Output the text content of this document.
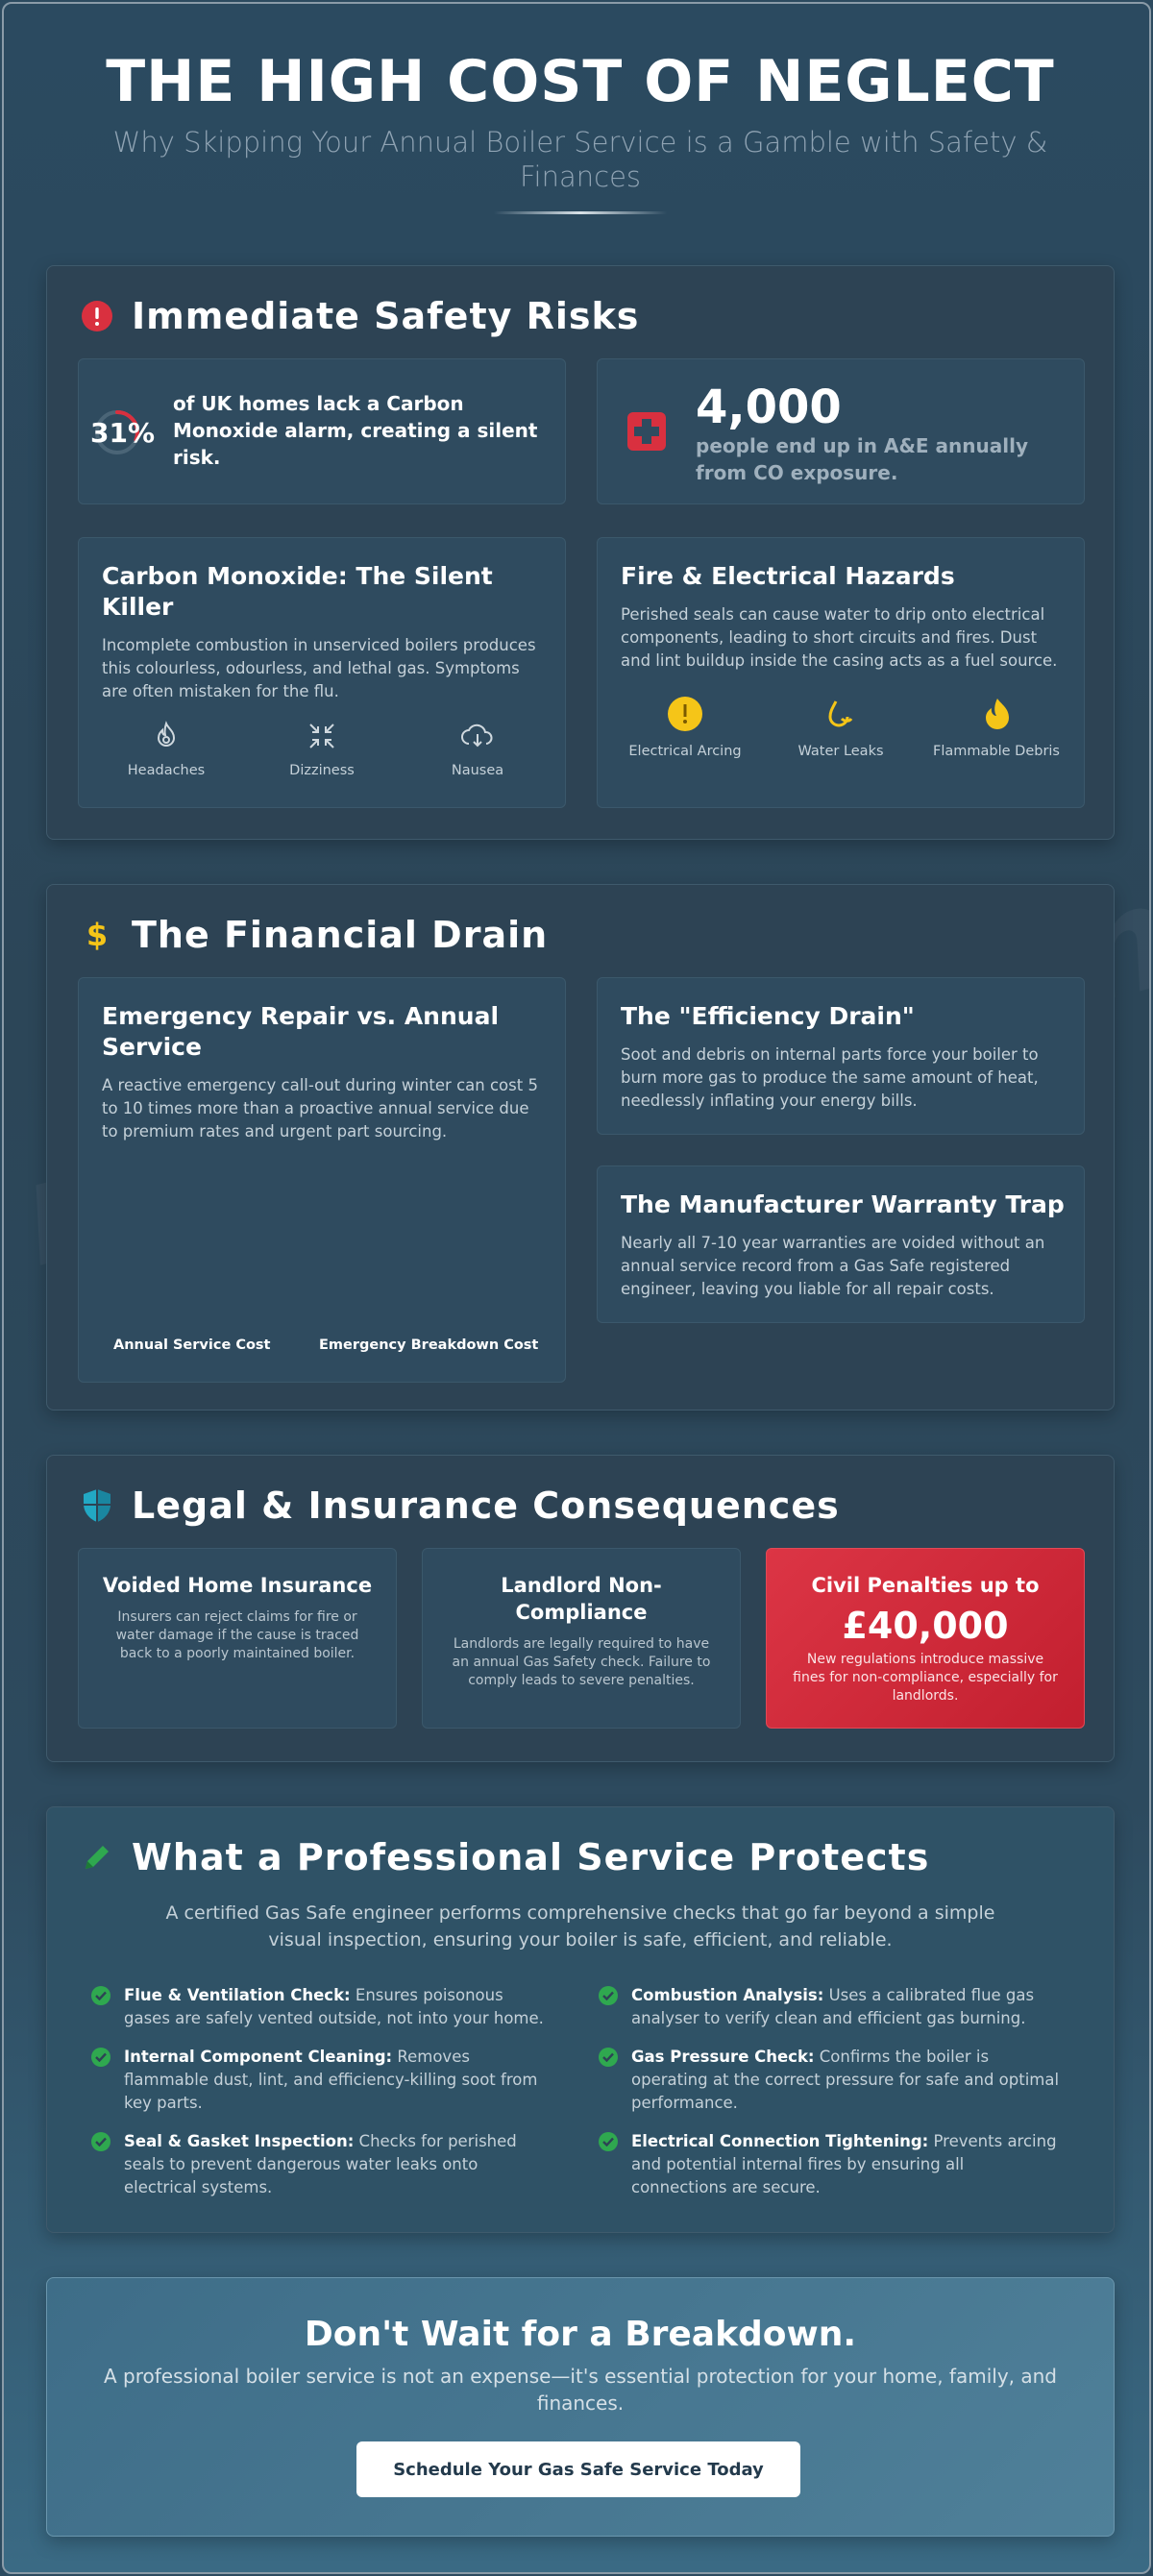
THE HIGH COST OF NEGLECT
Why Skipping Your Annual Boiler Service is a Gamble with Safety & Finances
Immediate Safety Risks
31%
of UK homes lack a Carbon Monoxide alarm, creating a silent risk.
4,000
people end up in A&E annually from CO exposure.
Carbon Monoxide: The Silent Killer

Incomplete combustion in unserviced boilers produces this colourless, odourless, and lethal gas. Symptoms are often mistaken for the flu.

Headaches	Dizziness	Nausea
Fire & Electrical Hazards

Perished seals can cause water to drip onto electrical components, leading to short circuits and fires. Dust and lint buildup inside the casing acts as a fuel source.

Electrical Arcing	Water Leaks	Flammable Debris
$ The Financial Drain
Emergency Repair vs. Annual Service

A reactive emergency call-out during winter can cost 5 to 10 times more than a proactive annual service due to premium rates and urgent part sourcing.

Annual Service Cost	Emergency Breakdown Cost
The "Efficiency Drain"

Soot and debris on internal parts force your boiler to burn more gas to produce the same amount of heat, needlessly inflating your energy bills.

The Manufacturer Warranty Trap

Nearly all 7-10 year warranties are voided without an annual service record from a Gas Safe registered engineer, leaving you liable for all repair costs.

Legal & Insurance Consequences
Voided Home Insurance

Insurers can reject claims for fire or water damage if the cause is traced back to a poorly maintained boiler.

Landlord Non-Compliance

Landlords are legally required to have an annual Gas Safety check. Failure to comply leads to severe penalties.

Civil Penalties up to
£40,000

New regulations introduce massive fines for non-compliance, especially for landlords.

What a Professional Service Protects
A certified Gas Safe engineer performs comprehensive checks that go far beyond a simple visual inspection, ensuring your boiler is safe, efficient, and reliable.
Flue & Ventilation Check: Ensures poisonous gases are safely vented outside, not into your home.
Combustion Analysis: Uses a calibrated flue gas analyser to verify clean and efficient gas burning.
Internal Component Cleaning: Removes flammable dust, lint, and efficiency-killing soot from key parts.
Gas Pressure Check: Confirms the boiler is operating at the correct pressure for safe and optimal performance.
Seal & Gasket Inspection: Checks for perished seals to prevent dangerous water leaks onto electrical systems.
Electrical Connection Tightening: Prevents arcing and potential internal fires by ensuring all connections are secure.
Don't Wait for a Breakdown.
A professional boiler service is not an expense—it's essential protection for your home, family, and finances.
Schedule Your Gas Safe Service Today
